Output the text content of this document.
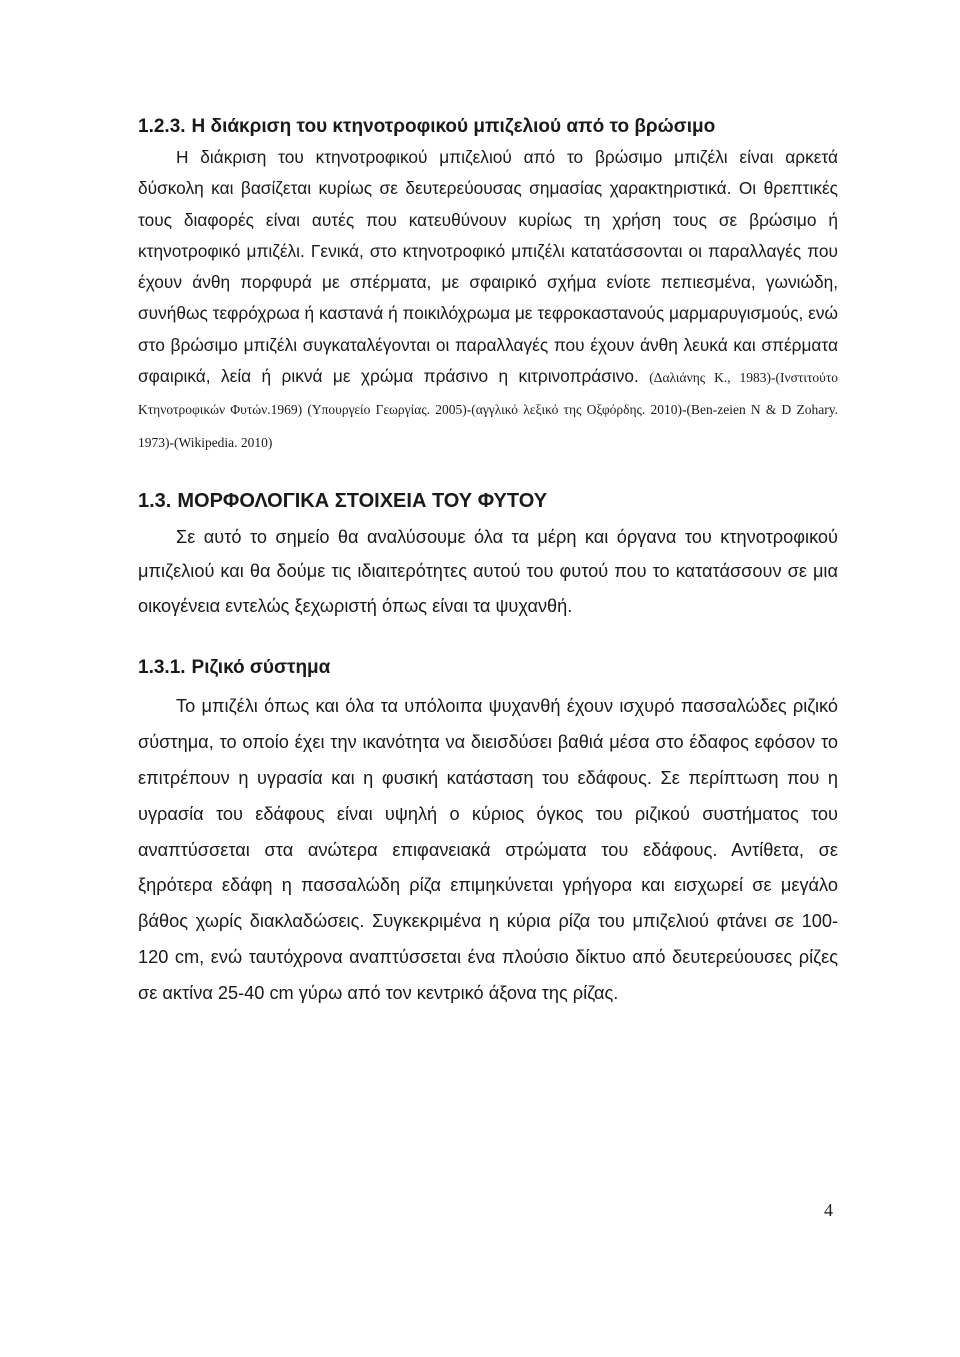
1.2.3. Η διάκριση του κτηνοτροφικού μπιζελιού από το βρώσιμο

Η διάκριση του κτηνοτροφικού μπιζελιού από το βρώσιμο μπιζέλι είναι αρκετά δύσκολη και βασίζεται κυρίως σε δευτερεύουσας σημασίας χαρακτηριστικά. Οι θρεπτικές τους διαφορές είναι αυτές που κατευθύνουν κυρίως τη χρήση τους σε βρώσιμο ή κτηνοτροφικό μπιζέλι. Γενικά, στο κτηνοτροφικό μπιζέλι κατατάσσονται οι παραλλαγές που έχουν άνθη πορφυρά με σπέρματα, με σφαιρικό σχήμα ενίοτε πεπιεσμένα, γωνιώδη, συνήθως τεφρόχρωα ή καστανά ή ποικιλόχρωμα με τεφροκαστανούς μαρμαρυγισμούς, ενώ στο βρώσιμο μπιζέλι συγκαταλέγονται οι παραλλαγές που έχουν άνθη λευκά και σπέρματα σφαιρικά, λεία ή ρικνά με χρώμα πράσινο η κιτρινοπράσινο. (Δαλιάνης Κ., 1983)-(Ινστιτούτο Κτηνοτροφικών Φυτών.1969) (Υπουργείο Γεωργίας. 2005)-(αγγλικό λεξικό της Οξφόρδης. 2010)-(Ben-zeien N & D Zohary. 1973)-(Wikipedia. 2010)

1.3. ΜΟΡΦΟΛΟΓΙΚΑ ΣΤΟΙΧΕΙΑ ΤΟΥ ΦΥΤΟΥ

Σε αυτό το σημείο θα αναλύσουμε όλα τα μέρη και όργανα του κτηνοτροφικού μπιζελιού και θα δούμε τις ιδιαιτερότητες αυτού του φυτού που το κατατάσσουν σε μια οικογένεια εντελώς ξεχωριστή όπως είναι τα ψυχανθή.

1.3.1. Ριζικό σύστημα

Το μπιζέλι όπως και όλα τα υπόλοιπα ψυχανθή έχουν ισχυρό πασσαλώδες ριζικό σύστημα, το οποίο έχει την ικανότητα να διεισδύσει βαθιά μέσα στο έδαφος εφόσον το επιτρέπουν η υγρασία και η φυσική κατάσταση του εδάφους. Σε περίπτωση που η υγρασία του εδάφους είναι υψηλή ο κύριος όγκος του ριζικού συστήματος του αναπτύσσεται στα ανώτερα επιφανειακά στρώματα του εδάφους. Αντίθετα, σε ξηρότερα εδάφη η πασσαλώδη ρίζα επιμηκύνεται γρήγορα και εισχωρεί σε μεγάλο βάθος χωρίς διακλαδώσεις. Συγκεκριμένα η κύρια ρίζα του μπιζελιού φτάνει σε 100-120 cm, ενώ ταυτόχρονα αναπτύσσεται ένα πλούσιο δίκτυο από δευτερεύουσες ρίζες σε ακτίνα 25-40 cm γύρω από τον κεντρικό άξονα της ρίζας.

4
